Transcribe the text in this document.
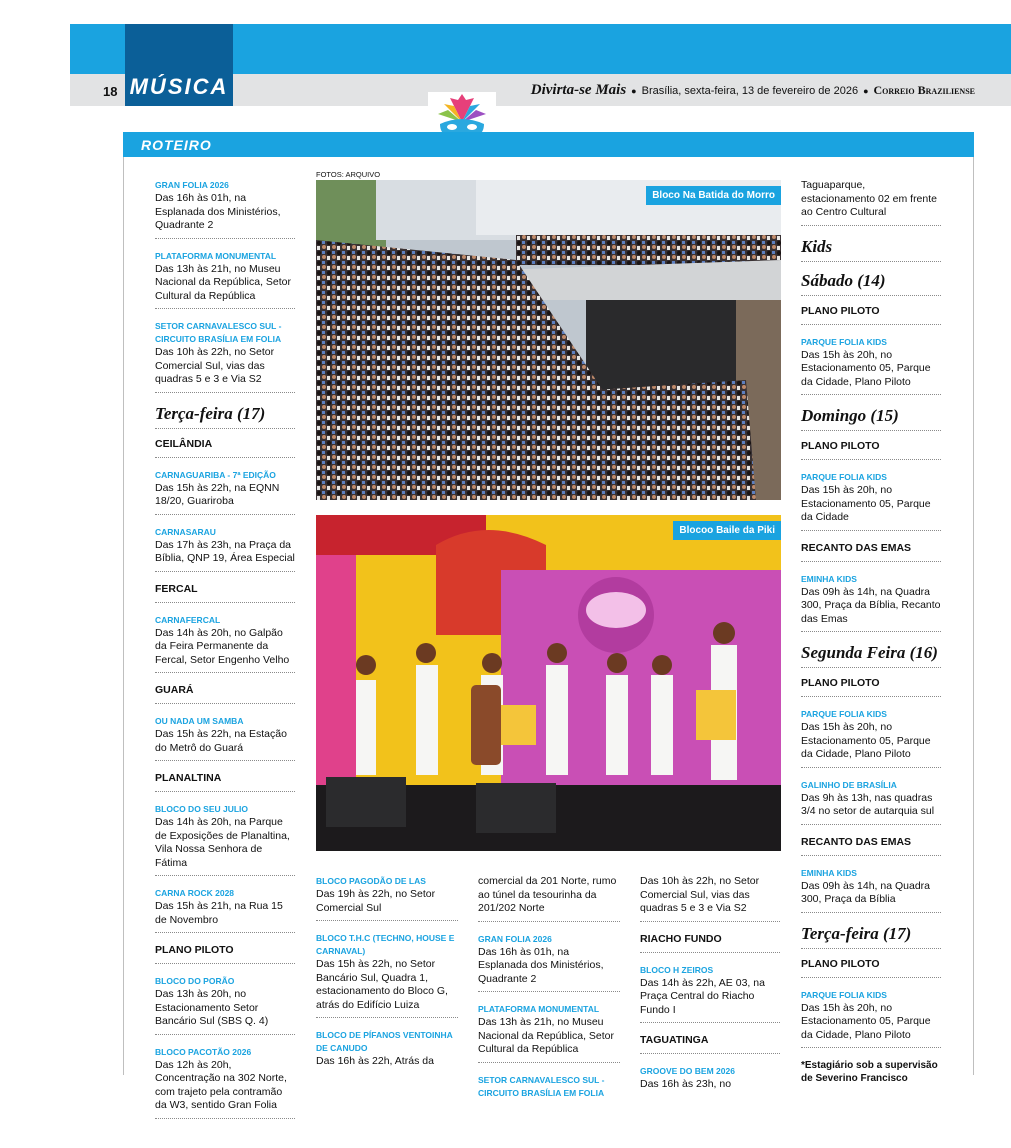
MÚSICA
18	Divirta-se Mais ● Brasília, sexta-feira, 13 de fevereiro de 2026 ● Correio Braziliense
ROTEIRO
GRAN FOLIA 2026
Das 16h às 01h, na Esplanada dos Ministérios, Quadrante 2
PLATAFORMA MONUMENTAL
Das 13h às 21h, no Museu Nacional da República, Setor Cultural da República
SETOR CARNAVALESCO SUL - CIRCUITO BRASÍLIA EM FOLIA
Das 10h às 22h, no Setor Comercial Sul, vias das quadras 5 e 3 e Via S2
Terça-feira (17)
CEILÂNDIA
CARNAGUARIBA - 7ª EDIÇÃO
Das 15h às 22h, na EQNN 18/20, Guariroba
CARNASARAU
Das 17h às 23h, na Praça da Bíblia, QNP 19, Área Especial
FERCAL
CARNAFERCAL
Das 14h às 20h, no Galpão da Feira Permanente da Fercal, Setor Engenho Velho
GUARÁ
OU NADA UM SAMBA
Das 15h às 22h, na Estação do Metrô do Guará
PLANALTINA
BLOCO DO SEU JULIO
Das 14h às 20h, na Parque de Exposições de Planaltina, Vila Nossa Senhora de Fátima
CARNA ROCK 2028
Das 15h às 21h, na Rua 15 de Novembro
PLANO PILOTO
BLOCO DO PORÃO
Das 13h às 20h, no Estacionamento Setor Bancário Sul (SBS Q. 4)
BLOCO PACOTÃO 2026
Das 12h às 20h, Concentração na 302 Norte, com trajeto pela contramão da W3, sentido Gran Folia
FOTOS: ARQUIVO
Bloco Na Batida do Morro
Blocoo Baile da Piki
BLOCO PAGODÃO DE LAS
Das 19h às 22h, no Setor Comercial Sul
BLOCO T.H.C (TECHNO, HOUSE E CARNAVAL)
Das 15h às 22h, no Setor Bancário Sul, Quadra 1, estacionamento do Bloco G, atrás do Edifício Luiza
BLOCO DE PÍFANOS VENTOINHA DE CANUDO
Das 16h às 22h, Atrás da
comercial da 201 Norte, rumo ao túnel da tesourinha da 201/202 Norte
GRAN FOLIA 2026
Das 16h às 01h, na Esplanada dos Ministérios, Quadrante 2
PLATAFORMA MONUMENTAL
Das 13h às 21h, no Museu Nacional da República, Setor Cultural da República
SETOR CARNAVALESCO SUL - CIRCUITO BRASÍLIA EM FOLIA
Das 10h às 22h, no Setor Comercial Sul, vias das quadras 5 e 3 e Via S2
RIACHO FUNDO
BLOCO H ZEIROS
Das 14h às 22h, AE 03, na Praça Central do Riacho Fundo I
TAGUATINGA
GROOVE DO BEM 2026
Das 16h às 23h, no
Taguaparque, estacionamento 02 em frente ao Centro Cultural
Kids
Sábado (14)
PLANO PILOTO
PARQUE FOLIA KIDS
Das 15h às 20h, no Estacionamento 05, Parque da Cidade, Plano Piloto
Domingo (15)
PLANO PILOTO
PARQUE FOLIA KIDS
Das 15h às 20h, no Estacionamento 05, Parque da Cidade
RECANTO DAS EMAS
EMINHA KIDS
Das 09h às 14h, na Quadra 300, Praça da Bíblia, Recanto das Emas
Segunda Feira (16)
PLANO PILOTO
PARQUE FOLIA KIDS
Das 15h às 20h, no Estacionamento 05, Parque da Cidade, Plano Piloto
GALINHO DE BRASÍLIA
Das 9h às 13h, nas quadras 3/4 no setor de autarquia sul
RECANTO DAS EMAS
EMINHA KIDS
Das 09h às 14h, na Quadra 300, Praça da Bíblia
Terça-feira (17)
PLANO PILOTO
PARQUE FOLIA KIDS
Das 15h às 20h, no Estacionamento 05, Parque da Cidade, Plano Piloto
*Estagiário sob a supervisão de Severino Francisco
